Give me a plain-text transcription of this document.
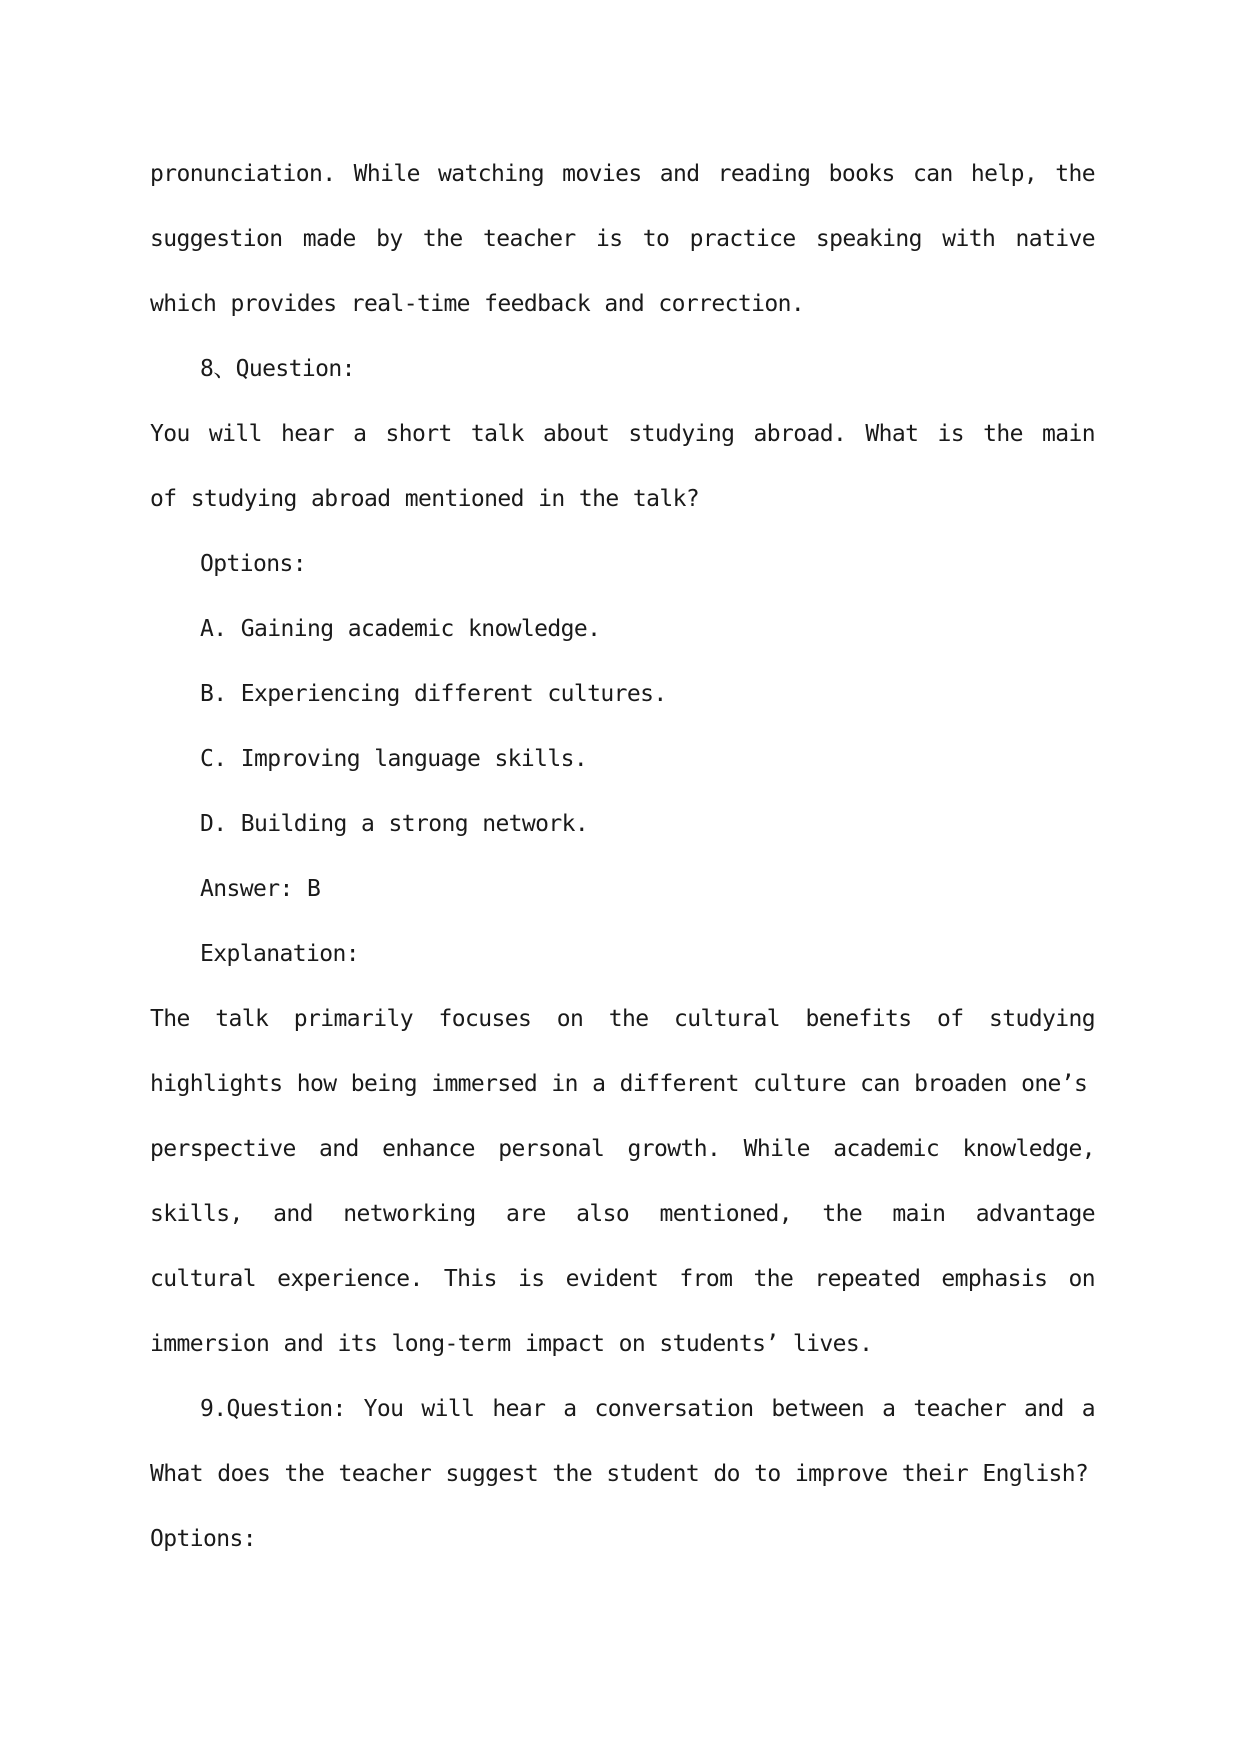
pronunciation. While watching movies and reading books can help, the
suggestion made by the teacher is to practice speaking with native
which provides real-time feedback and correction.
8、Question:
You will hear a short talk about studying abroad. What is the main
of studying abroad mentioned in the talk?
Options:
A. Gaining academic knowledge.
B. Experiencing different cultures.
C. Improving language skills.
D. Building a strong network.
Answer: B
Explanation:
The talk primarily focuses on the cultural benefits of studying
highlights how being immersed in a different culture can broaden one’s
perspective and enhance personal growth. While academic knowledge,
skills, and networking are also mentioned, the main advantage
cultural experience. This is evident from the repeated emphasis on
immersion and its long-term impact on students’ lives.
9.Question: You will hear a conversation between a teacher and a
What does the teacher suggest the student do to improve their English?
Options:
